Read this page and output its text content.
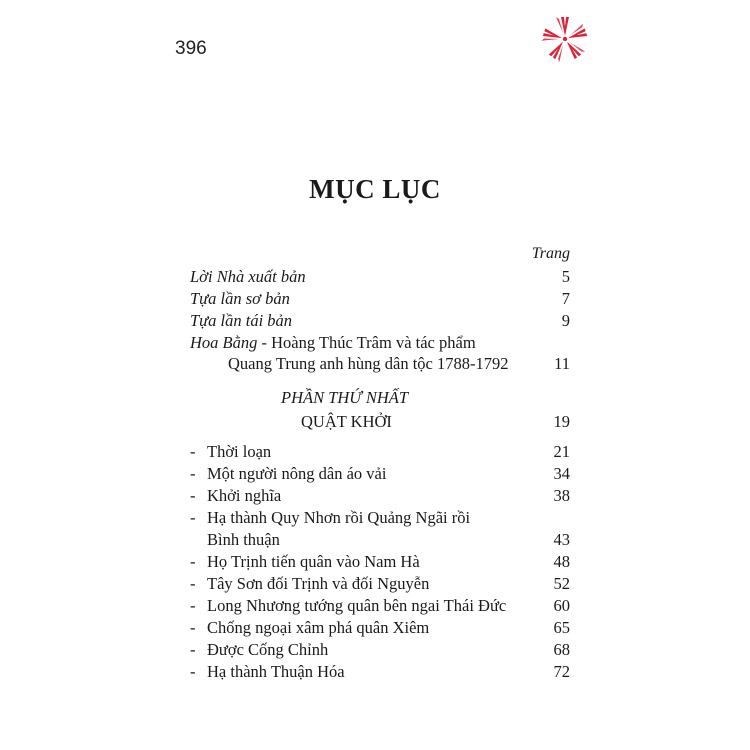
396
MỤC LỤC
Trang
Lời Nhà xuất bản	5
Tựa lần sơ bản	7
Tựa lần tái bản	9
Hoa Bằng - Hoàng Thúc Trâm và tác phẩm
Quang Trung anh hùng dân tộc 1788-1792	11
PHẦN THỨ NHẤT
QUẬT KHỞI	19
- Thời loạn	21
- Một người nông dân áo vải	34
- Khởi nghĩa	38
- Hạ thành Quy Nhơn rồi Quảng Ngãi rồi
Bình thuận	43
- Họ Trịnh tiến quân vào Nam Hà	48
- Tây Sơn đối Trịnh và đối Nguyễn	52
- Long Nhương tướng quân bên ngai Thái Đức	60
- Chống ngoại xâm phá quân Xiêm	65
- Được Cống Chỉnh	68
- Hạ thành Thuận Hóa	72
